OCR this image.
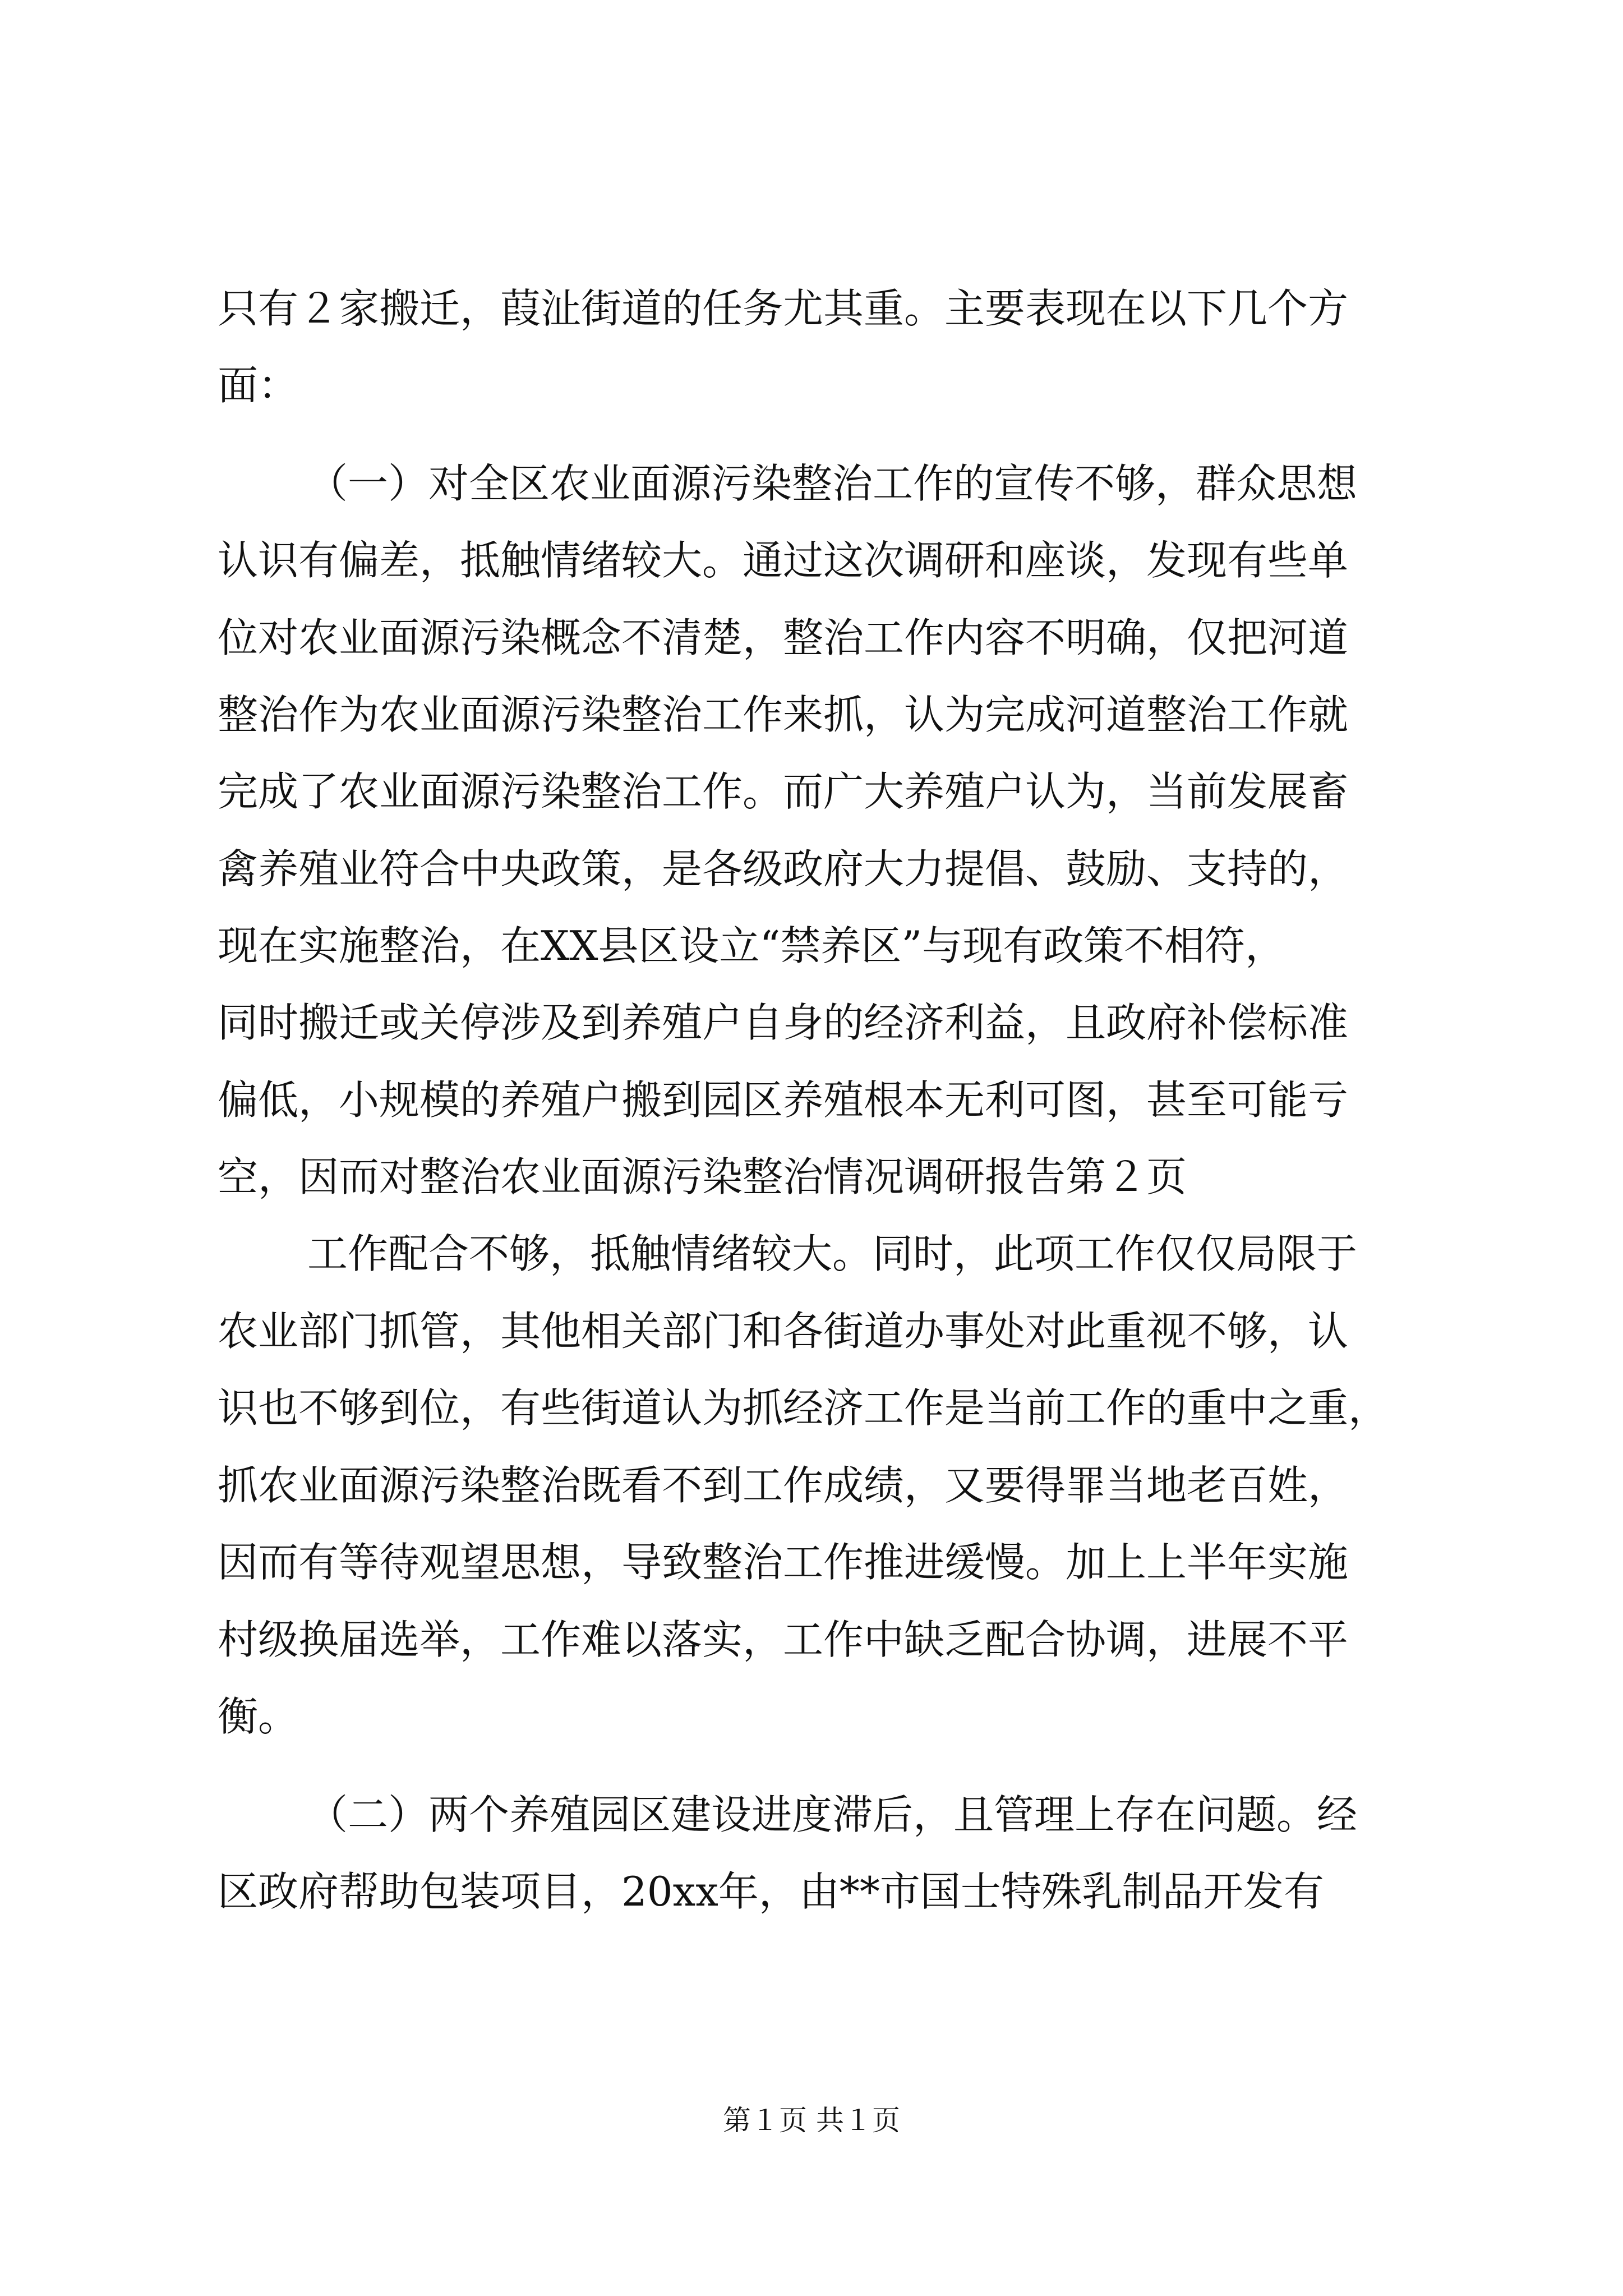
只有２家搬迁，葭沚街道的任务尤其重。主要表现在以下几个方
面：
（一）对全区农业面源污染整治工作的宣传不够，群众思想
认识有偏差，抵触情绪较大。通过这次调研和座谈，发现有些单
位对农业面源污染概念不清楚，整治工作内容不明确，仅把河道
整治作为农业面源污染整治工作来抓，认为完成河道整治工作就
完成了农业面源污染整治工作。而广大养殖户认为，当前发展畜
禽养殖业符合中央政策，是各级政府大力提倡、鼓励、支持的，
现在实施整治，在XX县区设立“禁养区”与现有政策不相符，
同时搬迁或关停涉及到养殖户自身的经济利益，且政府补偿标准
偏低，小规模的养殖户搬到园区养殖根本无利可图，甚至可能亏
空，因而对整治农业面源污染整治情况调研报告第２页
工作配合不够，抵触情绪较大。同时，此项工作仅仅局限于
农业部门抓管，其他相关部门和各街道办事处对此重视不够，认
识也不够到位，有些街道认为抓经济工作是当前工作的重中之重，
抓农业面源污染整治既看不到工作成绩，又要得罪当地老百姓，
因而有等待观望思想，导致整治工作推进缓慢。加上上半年实施
村级换届选举，工作难以落实，工作中缺乏配合协调，进展不平
衡。
（二）两个养殖园区建设进度滞后，且管理上存在问题。经
区政府帮助包装项目，20xx年，由**市国士特殊乳制品开发有
第１页 共１页
